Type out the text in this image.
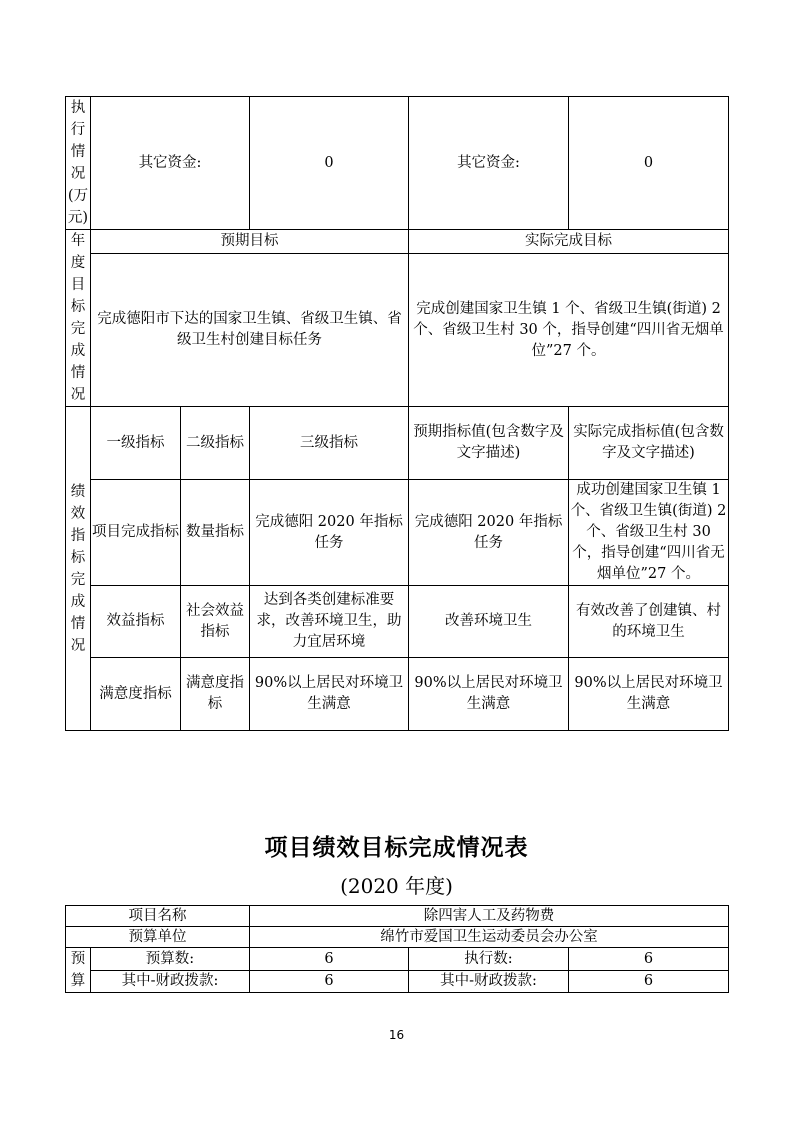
执行情况(万元)	其它资金:		0	其它资金:	0

年度目标完成情况	预期目标			实际完成目标	
	完成德阳市下达的国家卫生镇、省级卫生镇、省级卫生村创建目标任务			完成创建国家卫生镇 1 个、省级卫生镇(街道) 2 个、省级卫生村 30 个，指导创建“四川省无烟单位”27 个。	

绩效指标完成情况	一级指标	二级指标	三级指标	预期指标值(包含数字及文字描述)	实际完成指标值(包含数字及文字描述)
	项目完成指标	数量指标	完成德阳 2020 年指标任务	完成德阳 2020 年指标任务	成功创建国家卫生镇 1 个、省级卫生镇(街道) 2 个、省级卫生村 30 个，指导创建“四川省无烟单位”27 个。
	效益指标	社会效益指标	达到各类创建标准要求，改善环境卫生，助力宜居环境	改善环境卫生	有效改善了创建镇、村的环境卫生
	满意度指标	满意度指标	90%以上居民对环境卫生满意	90%以上居民对环境卫生满意	90%以上居民对环境卫生满意
项目绩效目标完成情况表
(2020 年度)
项目名称		除四害人工及药物费		
预算单位		绵竹市爱国卫生运动委员会办公室		

预算	预算数:	6	执行数:	6
	其中-财政拨款:	6	其中-财政拨款:	6
16
